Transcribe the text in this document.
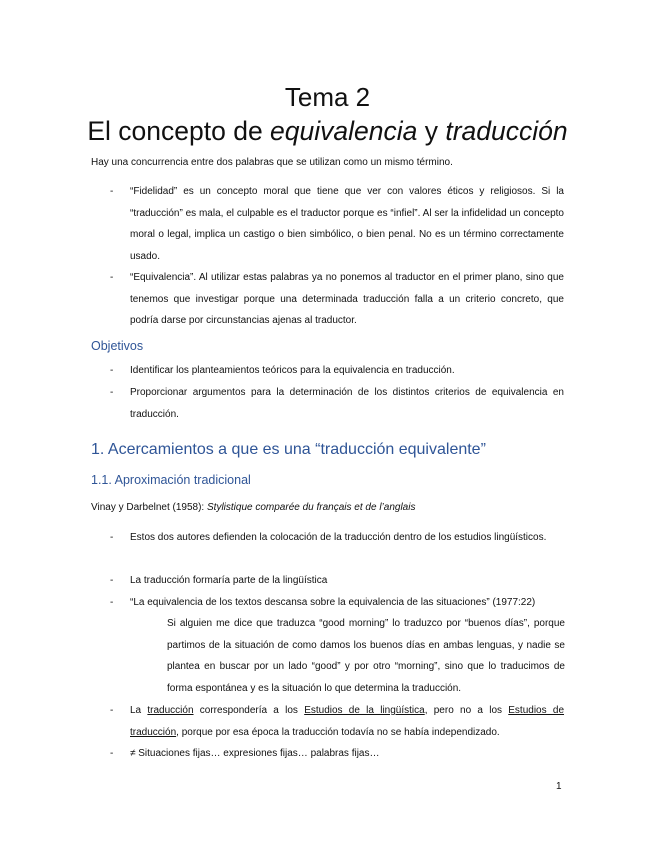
Tema 2
El concepto de equivalencia y traducción
Hay una concurrencia entre dos palabras que se utilizan como un mismo término.
- “Fidelidad” es un concepto moral que tiene que ver con valores éticos y religiosos. Si la “traducción” es mala, el culpable es el traductor porque es “infiel”. Al ser la infidelidad un concepto moral o legal, implica un castigo o bien simbólico, o bien penal. No es un término correctamente usado.
- “Equivalencia”. Al utilizar estas palabras ya no ponemos al traductor en el primer plano, sino que tenemos que investigar porque una determinada traducción falla a un criterio concreto, que podría darse por circunstancias ajenas al traductor.
Objetivos
- Identificar los planteamientos teóricos para la equivalencia en traducción.
- Proporcionar argumentos para la determinación de los distintos criterios de equivalencia en traducción.
1. Acercamientos a que es una “traducción equivalente”
1.1. Aproximación tradicional
Vinay y Darbelnet (1958): Stylistique comparée du français et de l’anglais
- Estos dos autores defienden la colocación de la traducción dentro de los estudios lingüísticos.
- La traducción formaría parte de la lingüística
- “La equivalencia de los textos descansa sobre la equivalencia de las situaciones” (1977:22)
Si alguien me dice que traduzca “good morning” lo traduzco por “buenos días”, porque partimos de la situación de como damos los buenos días en ambas lenguas, y nadie se plantea en buscar por un lado “good” y por otro “morning”, sino que lo traducimos de forma espontánea y es la situación lo que determina la traducción.
- La traducción correspondería a los Estudios de la lingüística, pero no a los Estudios de traducción, porque por esa época la traducción todavía no se había independizado.
- ≠ Situaciones fijas… expresiones fijas… palabras fijas…
1
